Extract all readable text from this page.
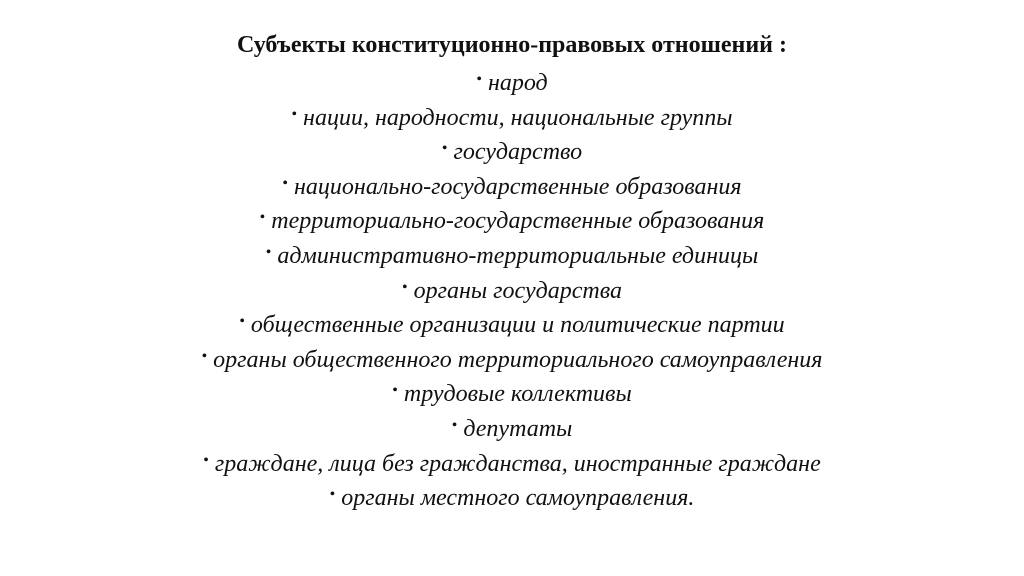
Субъекты конституционно-правовых отношений :
• народ
• нации, народности, национальные группы
• государство
• национально-государственные образования
• территориально-государственные образования
• административно-территориальные единицы
• органы государства
• общественные организации и политические партии
• органы общественного территориального самоуправления
• трудовые коллективы
• депутаты
• граждане, лица без гражданства, иностранные граждане
• органы местного самоуправления.
